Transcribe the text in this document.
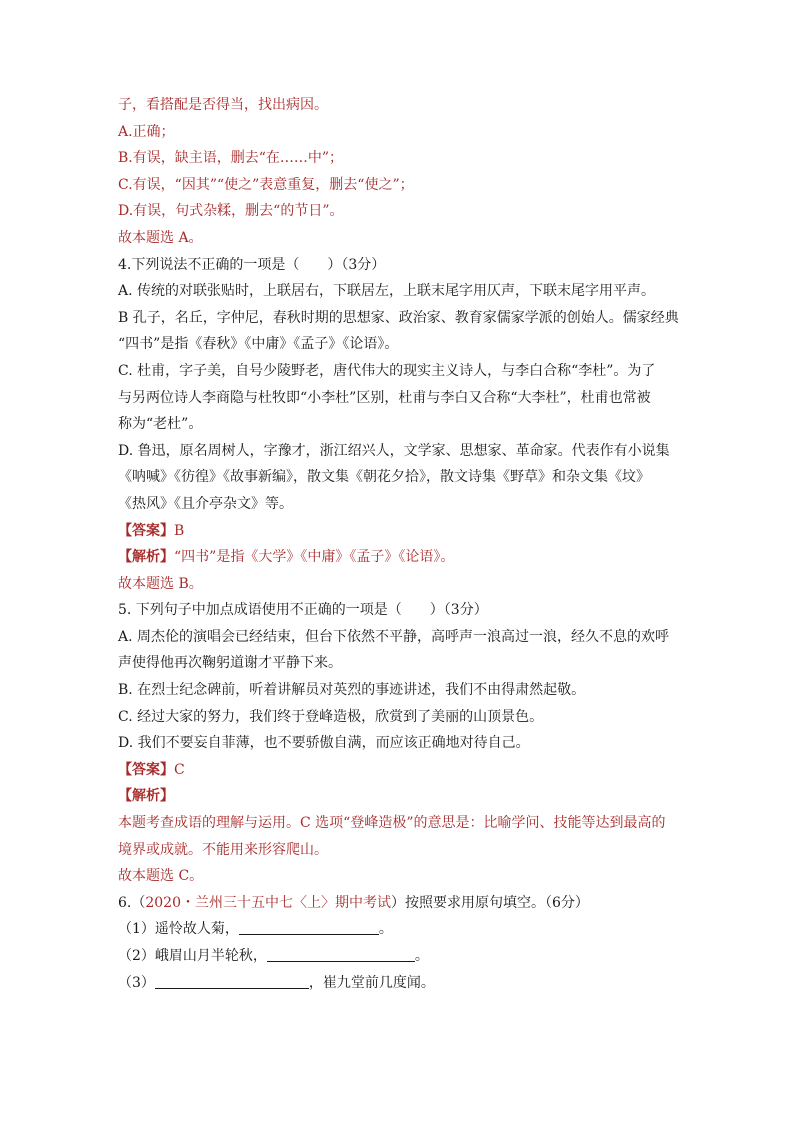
子，看搭配是否得当，找出病因。
A.正确；
B.有误，缺主语，删去“在……中”；
C.有误，“因其”“使之”表意重复，删去“使之”；
D.有误，句式杂糅，删去“的节日”。
故本题选 A。
4.下列说法不正确的一项是（　　）（3分）
A. 传统的对联张贴时，上联居右，下联居左，上联末尾字用仄声，下联末尾字用平声。
B 孔子，名丘，字仲尼，春秋时期的思想家、政治家、教育家儒家学派的创始人。儒家经典
“四书”是指《春秋》《中庸》《孟子》《论语》。
C. 杜甫，字子美，自号少陵野老，唐代伟大的现实主义诗人，与李白合称“李杜”。为了
与另两位诗人李商隐与杜牧即“小李杜”区别，杜甫与李白又合称“大李杜”，杜甫也常被
称为“老杜”。
D. 鲁迅，原名周树人，字豫才，浙江绍兴人，文学家、思想家、革命家。代表作有小说集
《呐喊》《彷徨》《故事新编》，散文集《朝花夕拾》，散文诗集《野草》和杂文集《坟》
《热风》《且介亭杂文》等。
【答案】B
【解析】“四书”是指《大学》《中庸》《孟子》《论语》。
故本题选 B。
5. 下列句子中加点成语使用不正确的一项是（　　）（3分）
A. 周杰伦的演唱会已经结束，但台下依然不平静，高呼声一浪高过一浪，经久不息的欢呼
声使得他再次鞠躬道谢才平静下来。
B. 在烈士纪念碑前，听着讲解员对英烈的事迹讲述，我们不由得肃然起敬。
C. 经过大家的努力，我们终于登峰造极，欣赏到了美丽的山顶景色。
D. 我们不要妄自菲薄，也不要骄傲自满，而应该正确地对待自己。
【答案】C
【解析】
本题考查成语的理解与运用。C 选项“登峰造极”的意思是：比喻学问、技能等达到最高的
境界或成就。不能用来形容爬山。
故本题选 C。
6.（2020・兰州三十五中七〈上〉期中考试）按照要求用原句填空。（6分）
（1）遥怜故人菊，	。
（2）峨眉山月半轮秋，	。
（3）	，崔九堂前几度闻。
